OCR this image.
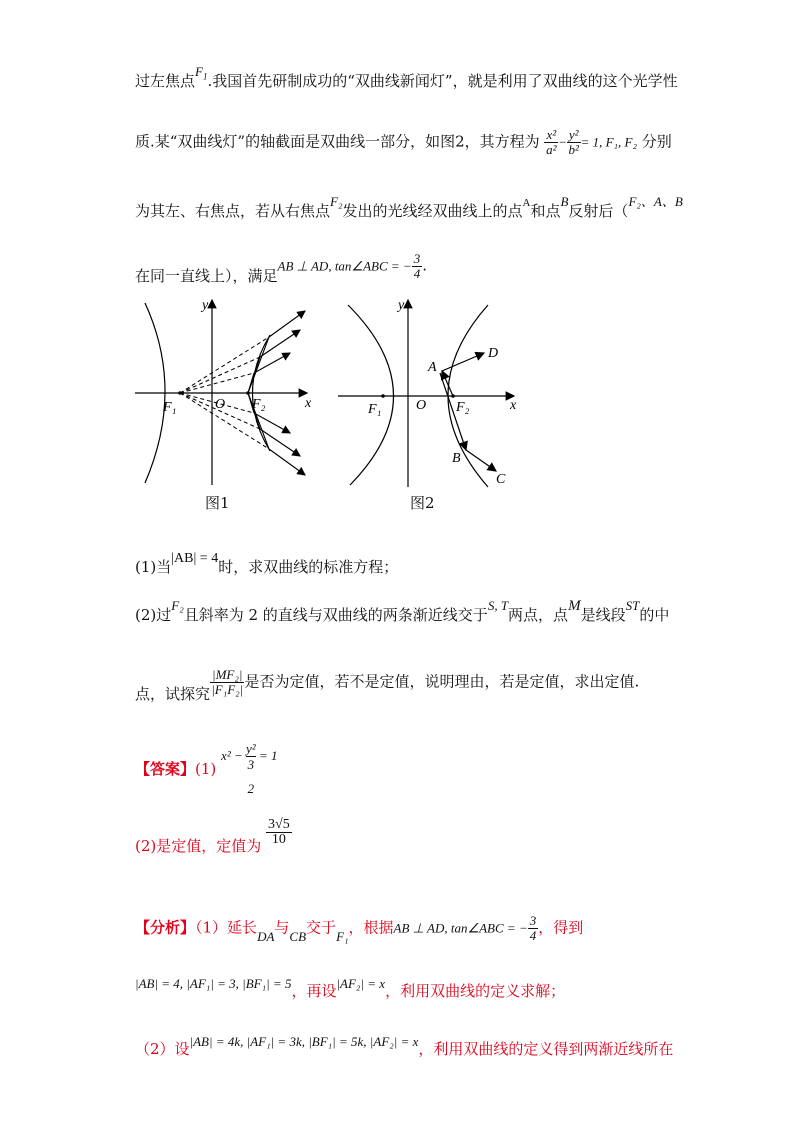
过左焦点$F_1$.我国首先研制成功的“双曲线新闻灯”，就是利用了双曲线的这个光学性
质.某“双曲线灯”的轴截面是双曲线一部分，如图2，其方程为 $\frac{\text{x²}}{\text{a²}} - \frac{\text{y²}}{\text{b²}} = 1$, F₁, F₂ 分别
为其左、右焦点，若从右焦点F₂发出的光线经双曲线上的点$^A$和点B反射后（F₂、A、B
在同一直线上），满足AB ⊥ AD, tan∠ABC = − $\frac{3}{4}$ .
y
x
O
F₁	F₂
图1
y
x
O
F₁	F₂
A
D
B
C
图2
(1)当|AB| = 4时，求双曲线的标准方程；
(2)过F₂且斜率为 2 的直线与双曲线的两条渐近线交于S, T两点，点M是线段ST的中
点，试探究 $\frac{\text{|MF₂|}}{\text{|F₁F₂|}}$ 是否为定值，若不是定值，说明理由，若是定值，求出定值.
【答案】(1) x² − y²
3
2
= 1
(2)是定值，定值为 $\frac{3√5}{10}$
【分析】（1）延长DA与CB交于F₁，根据AB ⊥ AD, tan∠ABC = − $\frac{3}{4}$ ，得到
|AB| = 4, |AF₁| = 3, |BF₁| = 5，再设|AF₂| = x，利用双曲线的定义求解；
（2）设|AB| = 4k, |AF₁| = 3k, |BF₁| = 5k, |AF₂| = x，利用双曲线的定义得到两渐近线所在
